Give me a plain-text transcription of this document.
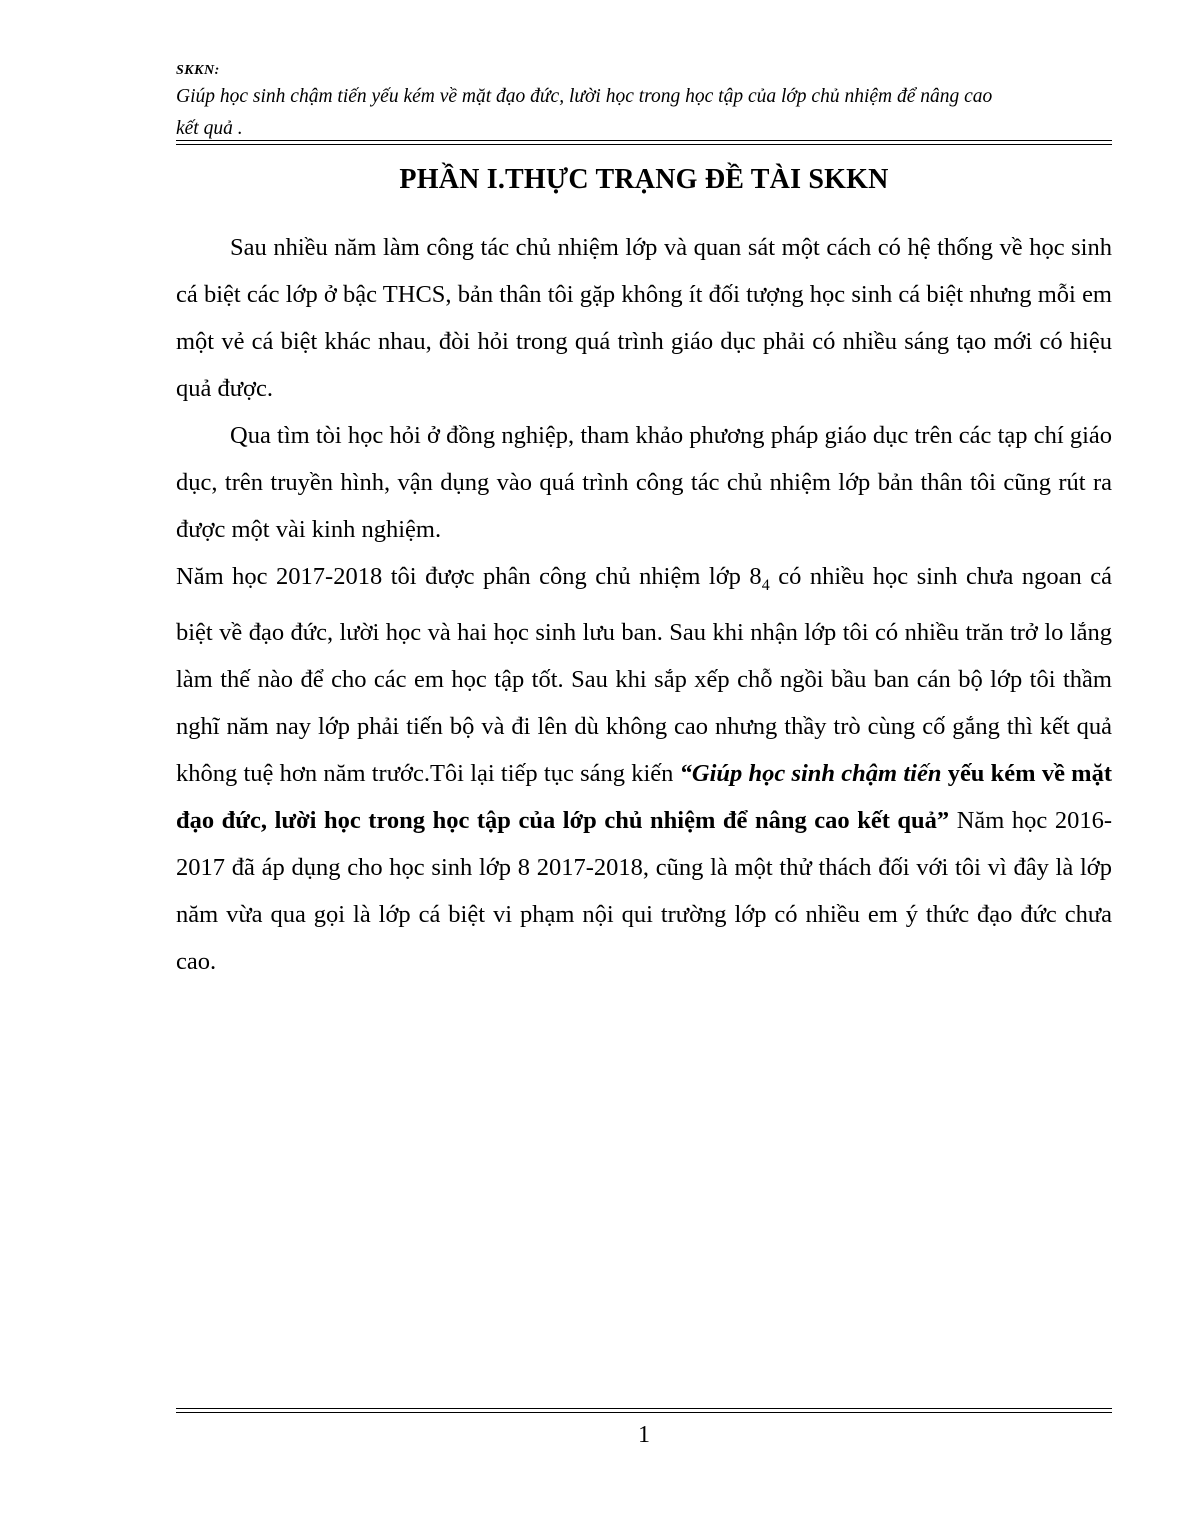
SKKN:
Giúp học sinh chậm tiến yếu kém về mặt đạo đức, lười học trong học tập của lớp chủ nhiệm để nâng cao
kết quả .
PHẦN I.THỰC TRẠNG ĐỀ TÀI SKKN

Sau nhiều năm làm công tác chủ nhiệm lớp và quan sát một cách có hệ thống về học sinh cá biệt các lớp ở bậc THCS, bản thân tôi gặp không ít đối tượng học sinh cá biệt nhưng mỗi em một vẻ cá biệt khác nhau, đòi hỏi trong quá trình giáo dục phải có nhiều sáng tạo mới có hiệu quả được.

Qua tìm tòi học hỏi ở đồng nghiệp, tham khảo phương pháp giáo dục trên các tạp chí giáo dục, trên truyền hình, vận dụng vào quá trình công tác chủ nhiệm lớp bản thân tôi cũng rút ra được một vài kinh nghiệm.

Năm học 2017-2018 tôi được phân công chủ nhiệm lớp $8_4$ có nhiều học sinh chưa ngoan cá biệt về đạo đức, lười học và hai học sinh lưu ban. Sau khi nhận lớp tôi có nhiều trăn trở lo lắng làm thế nào để cho các em học tập tốt. Sau khi sắp xếp chỗ ngồi bầu ban cán bộ lớp tôi thầm nghĩ năm nay lớp phải tiến bộ và đi lên dù không cao nhưng thầy trò cùng cố gắng thì kết quả không tuệ hơn năm trước.Tôi lại tiếp tục sáng kiến “Giúp học sinh chậm tiến yếu kém về mặt đạo đức, lười học trong học tập của lớp chủ nhiệm để nâng cao kết quả” Năm học 2016-2017 đã áp dụng cho học sinh lớp 8 2017-2018, cũng là một thử thách đối với tôi vì đây là lớp năm vừa qua gọi là lớp cá biệt vi phạm nội qui trường lớp có nhiều em ý thức đạo đức chưa cao.

1
